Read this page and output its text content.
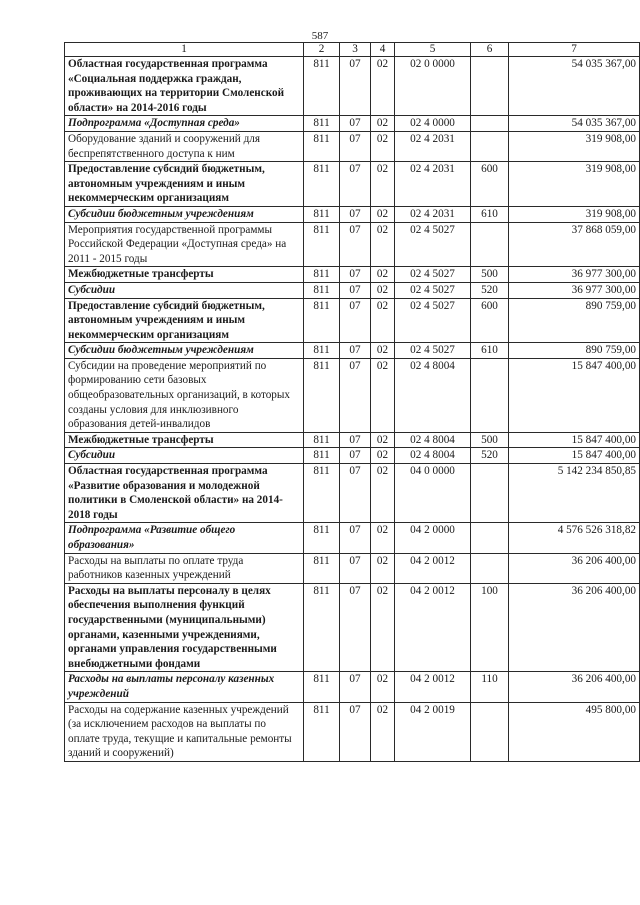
587
1	2	3	4	5	6	7
Областная государственная программа «Социальная поддержка граждан, проживающих на территории Смоленской области» на 2014-2016 годы	811	07	02	02 0 0000		54 035 367,00
Подпрограмма «Доступная среда»	811	07	02	02 4 0000		54 035 367,00
Оборудование зданий и сооружений для беспрепятственного доступа к ним	811	07	02	02 4 2031		319 908,00
Предоставление субсидий бюджетным, автономным учреждениям и иным некоммерческим организациям	811	07	02	02 4 2031	600	319 908,00
Субсидии бюджетным учреждениям	811	07	02	02 4 2031	610	319 908,00
Мероприятия государственной программы Российской Федерации «Доступная среда» на 2011 - 2015 годы	811	07	02	02 4 5027		37 868 059,00
Межбюджетные трансферты	811	07	02	02 4 5027	500	36 977 300,00
Субсидии	811	07	02	02 4 5027	520	36 977 300,00
Предоставление субсидий бюджетным, автономным учреждениям и иным некоммерческим организациям	811	07	02	02 4 5027	600	890 759,00
Субсидии бюджетным учреждениям	811	07	02	02 4 5027	610	890 759,00
Субсидии на проведение мероприятий по формированию сети базовых общеобразовательных организаций, в которых созданы условия для инклюзивного образования детей-инвалидов	811	07	02	02 4 8004		15 847 400,00
Межбюджетные трансферты	811	07	02	02 4 8004	500	15 847 400,00
Субсидии	811	07	02	02 4 8004	520	15 847 400,00
Областная государственная программа «Развитие образования и молодежной политики в Смоленской области» на 2014-2018 годы	811	07	02	04 0 0000		5 142 234 850,85
Подпрограмма «Развитие общего образования»	811	07	02	04 2 0000		4 576 526 318,82
Расходы на выплаты по оплате труда работников казенных учреждений	811	07	02	04 2 0012		36 206 400,00
Расходы на выплаты персоналу в целях обеспечения выполнения функций государственными (муниципальными) органами, казенными учреждениями, органами управления государственными внебюджетными фондами	811	07	02	04 2 0012	100	36 206 400,00
Расходы на выплаты персоналу казенных учреждений	811	07	02	04 2 0012	110	36 206 400,00
Расходы на содержание казенных учреждений (за исключением расходов на выплаты по оплате труда, текущие и капитальные ремонты зданий и сооружений)	811	07	02	04 2 0019		495 800,00
